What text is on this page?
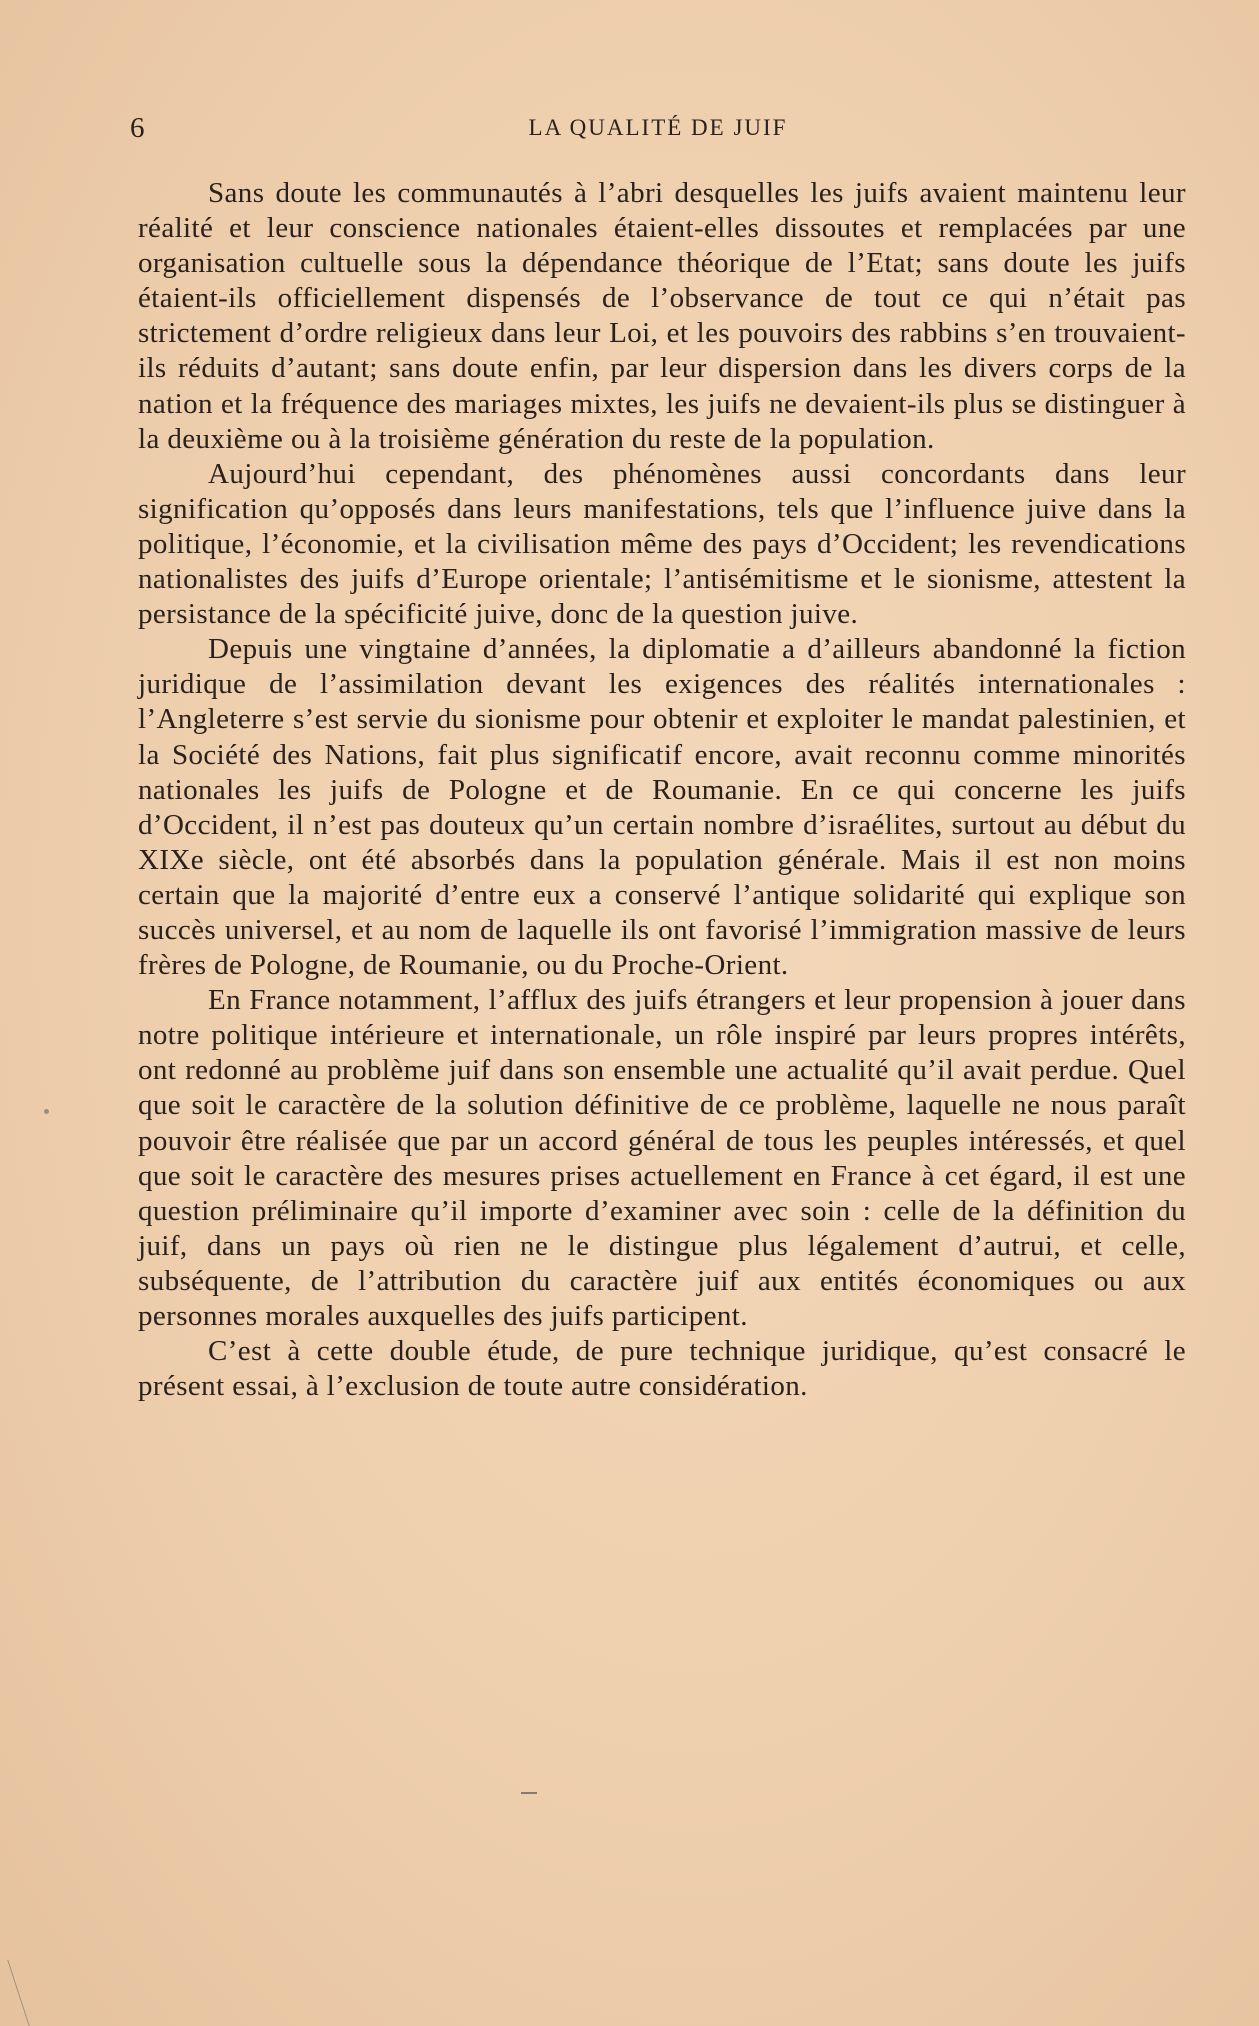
6	LA QUALITÉ DE JUIF

Sans doute les communautés à l’abri desquelles les juifs avaient maintenu leur réalité et leur conscience nationales étaient-elles dissoutes et remplacées par une organisation cultuelle sous la dépendance théorique de l’Etat; sans doute les juifs étaient-ils officiellement dispensés de l’observance de tout ce qui n’était pas strictement d’ordre religieux dans leur Loi, et les pouvoirs des rabbins s’en trouvaient-ils réduits d’autant; sans doute enfin, par leur dispersion dans les divers corps de la nation et la fréquence des mariages mixtes, les juifs ne devaient-ils plus se distinguer à la deuxième ou à la troisième génération du reste de la population.

Aujourd’hui cependant, des phénomènes aussi concordants dans leur signification qu’opposés dans leurs manifestations, tels que l’influence juive dans la politique, l’économie, et la civilisation même des pays d’Occident; les revendications nationalistes des juifs d’Europe orientale; l’antisémitisme et le sionisme, attestent la persistance de la spécificité juive, donc de la question juive.

Depuis une vingtaine d’années, la diplomatie a d’ailleurs abandonné la fiction juridique de l’assimilation devant les exigences des réalités internationales : l’Angleterre s’est servie du sionisme pour obtenir et exploiter le mandat palestinien, et la Société des Nations, fait plus significatif encore, avait reconnu comme minorités nationales les juifs de Pologne et de Roumanie. En ce qui concerne les juifs d’Occident, il n’est pas douteux qu’un certain nombre d’israélites, surtout au début du XIXe siècle, ont été absorbés dans la population générale. Mais il est non moins certain que la majorité d’entre eux a conservé l’antique solidarité qui explique son succès universel, et au nom de laquelle ils ont favorisé l’immigration massive de leurs frères de Pologne, de Roumanie, ou du Proche-Orient.

En France notamment, l’afflux des juifs étrangers et leur propension à jouer dans notre politique intérieure et internationale, un rôle inspiré par leurs propres intérêts, ont redonné au problème juif dans son ensemble une actualité qu’il avait perdue. Quel que soit le caractère de la solution définitive de ce problème, laquelle ne nous paraît pouvoir être réalisée que par un accord général de tous les peuples intéressés, et quel que soit le caractère des mesures prises actuellement en France à cet égard, il est une question préliminaire qu’il importe d’examiner avec soin : celle de la définition du juif, dans un pays où rien ne le distingue plus légalement d’autrui, et celle, subséquente, de l’attribution du caractère juif aux entités économiques ou aux personnes morales auxquelles des juifs participent.

C’est à cette double étude, de pure technique juridique, qu’est consacré le présent essai, à l’exclusion de toute autre considération.
